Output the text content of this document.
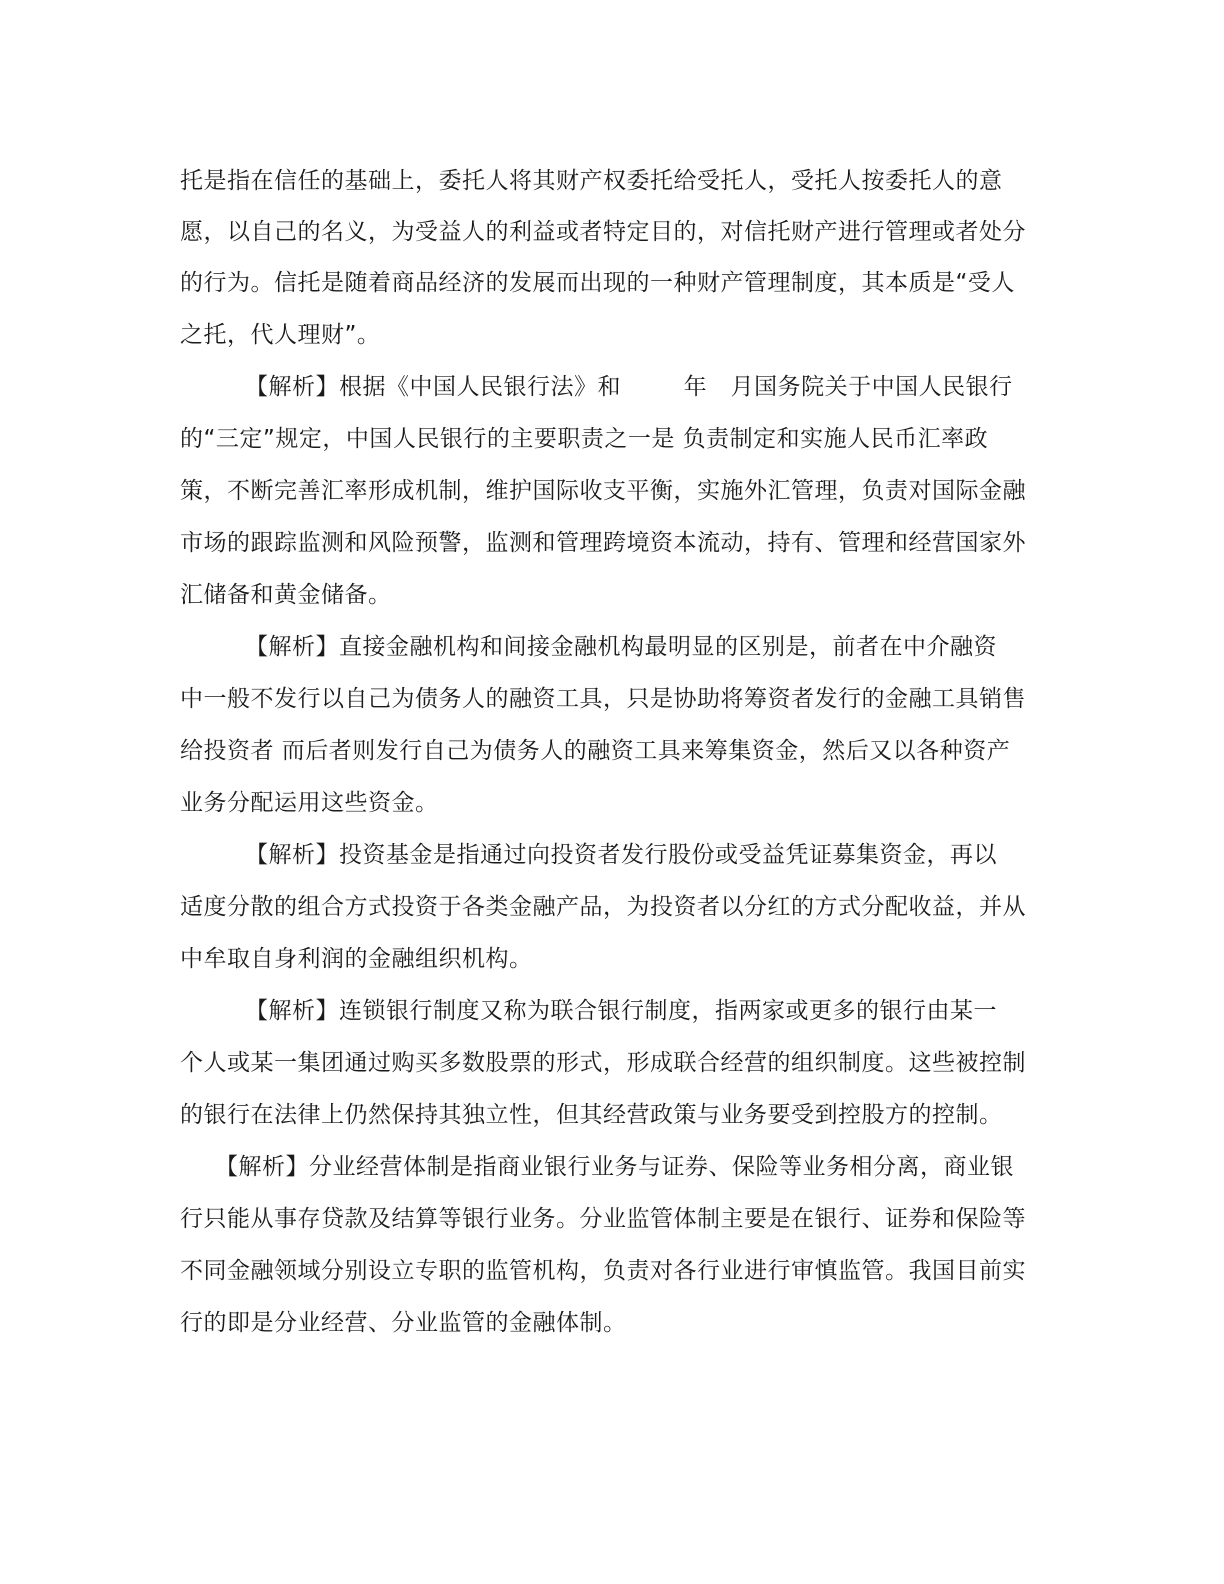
托是指在信任的基础上，委托人将其财产权委托给受托人，受托人按委托人的意
愿，以自己的名义，为受益人的利益或者特定目的，对信托财产进行管理或者处分
的行为。信托是随着商品经济的发展而出现的一种财产管理制度，其本质是“受人
之托，代人理财”。
【解析】根据《中国人民银行法》和 　　 年　月国务院关于中国人民银行
的“三定”规定，中国人民银行的主要职责之一是 负责制定和实施人民币汇率政
策，不断完善汇率形成机制，维护国际收支平衡，实施外汇管理，负责对国际金融
市场的跟踪监测和风险预警，监测和管理跨境资本流动，持有、管理和经营国家外
汇储备和黄金储备。
【解析】直接金融机构和间接金融机构最明显的区别是，前者在中介融资
中一般不发行以自己为债务人的融资工具，只是协助将筹资者发行的金融工具销售
给投资者 而后者则发行自己为债务人的融资工具来筹集资金，然后又以各种资产
业务分配运用这些资金。
【解析】投资基金是指通过向投资者发行股份或受益凭证募集资金，再以
适度分散的组合方式投资于各类金融产品，为投资者以分红的方式分配收益，并从
中牟取自身利润的金融组织机构。
【解析】连锁银行制度又称为联合银行制度，指两家或更多的银行由某一
个人或某一集团通过购买多数股票的形式，形成联合经营的组织制度。这些被控制
的银行在法律上仍然保持其独立性，但其经营政策与业务要受到控股方的控制。
【解析】分业经营体制是指商业银行业务与证券、保险等业务相分离，商业银
行只能从事存贷款及结算等银行业务。分业监管体制主要是在银行、证券和保险等
不同金融领域分别设立专职的监管机构，负责对各行业进行审慎监管。我国目前实
行的即是分业经营、分业监管的金融体制。
